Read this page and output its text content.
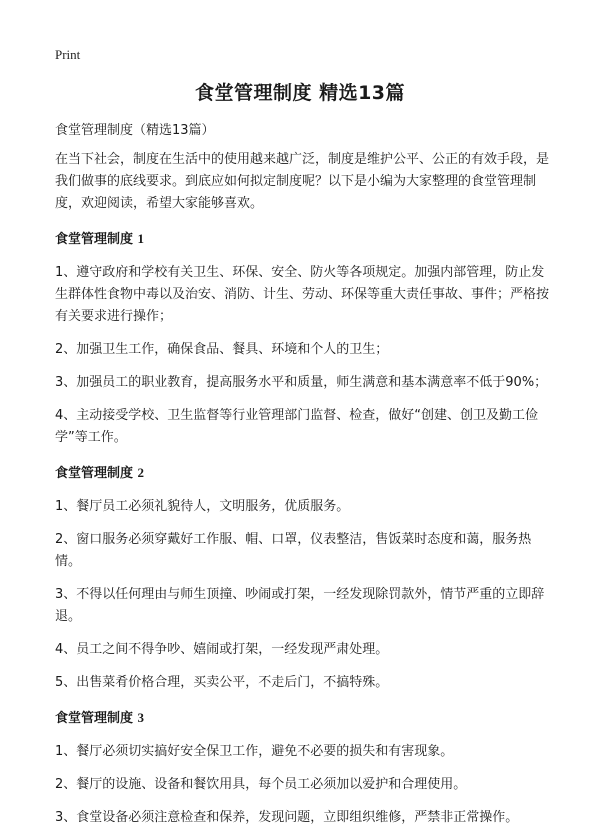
Print
食堂管理制度 精选13篇

食堂管理制度（精选13篇）

在当下社会，制度在生活中的使用越来越广泛，制度是维护公平、公正的有效手段，是我们做事的底线要求。到底应如何拟定制度呢？以下是小编为大家整理的食堂管理制度，欢迎阅读，希望大家能够喜欢。

食堂管理制度 1

1、遵守政府和学校有关卫生、环保、安全、防火等各项规定。加强内部管理，防止发生群体性食物中毒以及治安、消防、计生、劳动、环保等重大责任事故、事件；严格按有关要求进行操作；

2、加强卫生工作，确保食品、餐具、环境和个人的卫生；

3、加强员工的职业教育，提高服务水平和质量，师生满意和基本满意率不低于90%；

4、主动接受学校、卫生监督等行业管理部门监督、检查，做好“创建、创卫及勤工俭学”等工作。

食堂管理制度 2

1、餐厅员工必须礼貌待人，文明服务，优质服务。

2、窗口服务必须穿戴好工作服、帽、口罩，仪表整洁，售饭菜时态度和蔼，服务热情。

3、不得以任何理由与师生顶撞、吵闹或打架，一经发现除罚款外，情节严重的立即辞退。

4、员工之间不得争吵、嬉闹或打架，一经发现严肃处理。

5、出售菜肴价格合理，买卖公平，不走后门，不搞特殊。

食堂管理制度 3

1、餐厅必须切实搞好安全保卫工作，避免不必要的损失和有害现象。

2、餐厅的设施、设备和餐饮用具，每个员工必须加以爱护和合理使用。

3、食堂设备必须注意检查和保养，发现问题，立即组织维修，严禁非正常操作。
